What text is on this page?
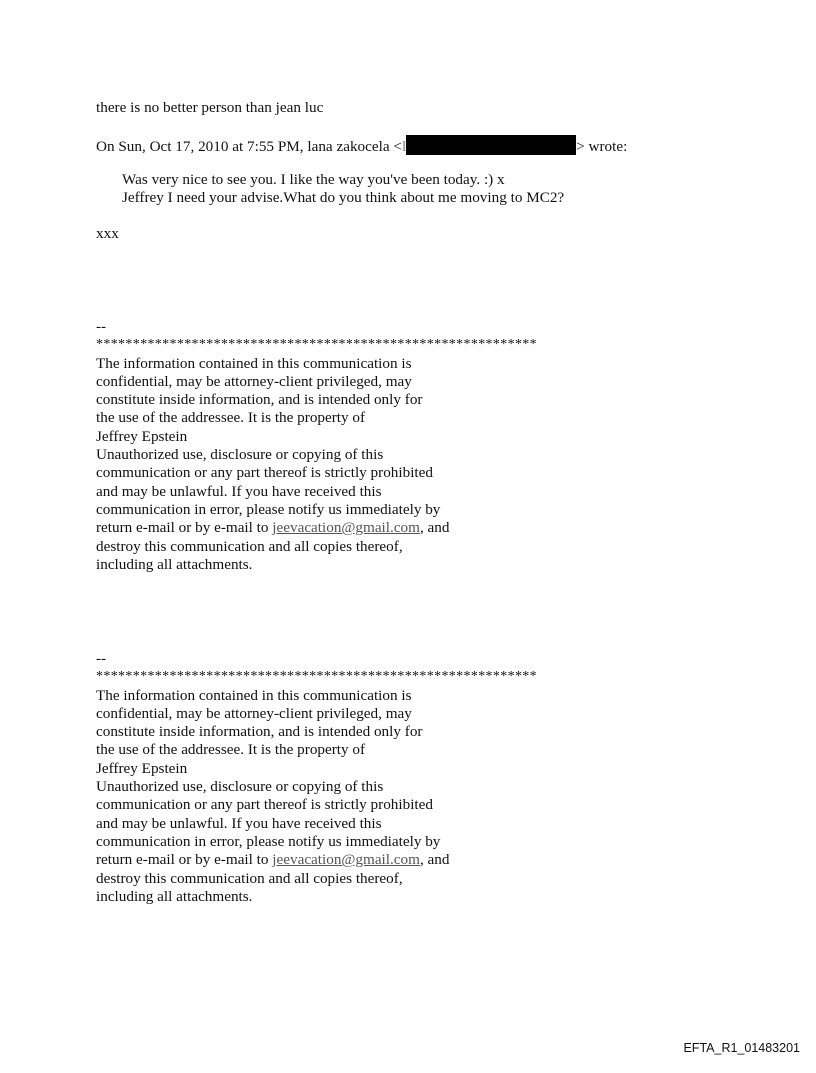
there is no better person than jean luc
On Sun, Oct 17, 2010 at 7:55 PM, lana zakocela <l	> wrote:
Was very nice to see you. I like the way you've been today. :) x
Jeffrey I need your advise.What do you think about me moving to MC2?
xxx

--

************************************************************

The information contained in this communication is

confidential, may be attorney-client privileged, may

constitute inside information, and is intended only for

the use of the addressee. It is the property of

Jeffrey Epstein

Unauthorized use, disclosure or copying of this

communication or any part thereof is strictly prohibited

and may be unlawful. If you have received this

communication in error, please notify us immediately by

return e-mail or by e-mail to jeevacation@gmail.com, and

destroy this communication and all copies thereof,

including all attachments.

--

************************************************************

The information contained in this communication is

confidential, may be attorney-client privileged, may

constitute inside information, and is intended only for

the use of the addressee. It is the property of

Jeffrey Epstein

Unauthorized use, disclosure or copying of this

communication or any part thereof is strictly prohibited

and may be unlawful. If you have received this

communication in error, please notify us immediately by

return e-mail or by e-mail to jeevacation@gmail.com, and

destroy this communication and all copies thereof,

including all attachments.

EFTA_R1_01483201
